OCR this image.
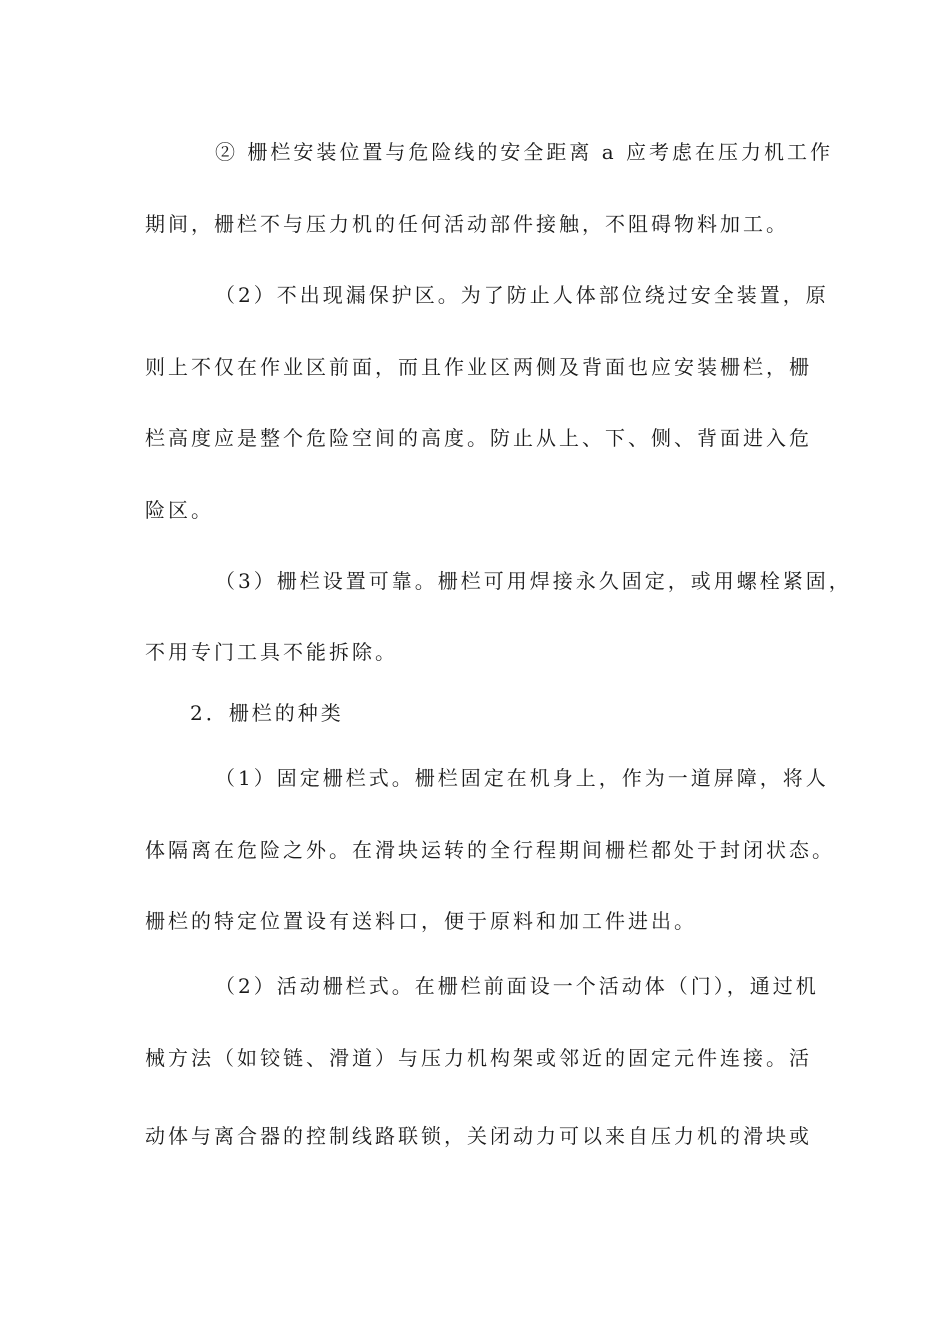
② 栅栏安装位置与危险线的安全距离 a 应考虑在压力机工作
期间，栅栏不与压力机的任何活动部件接触，不阻碍物料加工。
（2）不出现漏保护区。为了防止人体部位绕过安全装置，原
则上不仅在作业区前面，而且作业区两侧及背面也应安装栅栏，栅
栏高度应是整个危险空间的高度。防止从上、下、侧、背面进入危
险区。
（3）栅栏设置可靠。栅栏可用焊接永久固定，或用螺栓紧固，
不用专门工具不能拆除。
2．栅栏的种类
（1）固定栅栏式。栅栏固定在机身上，作为一道屏障，将人
体隔离在危险之外。在滑块运转的全行程期间栅栏都处于封闭状态。
栅栏的特定位置设有送料口，便于原料和加工件进出。
（2）活动栅栏式。在栅栏前面设一个活动体（门），通过机
械方法（如铰链、滑道）与压力机构架或邻近的固定元件连接。活
动体与离合器的控制线路联锁，关闭动力可以来自压力机的滑块或
